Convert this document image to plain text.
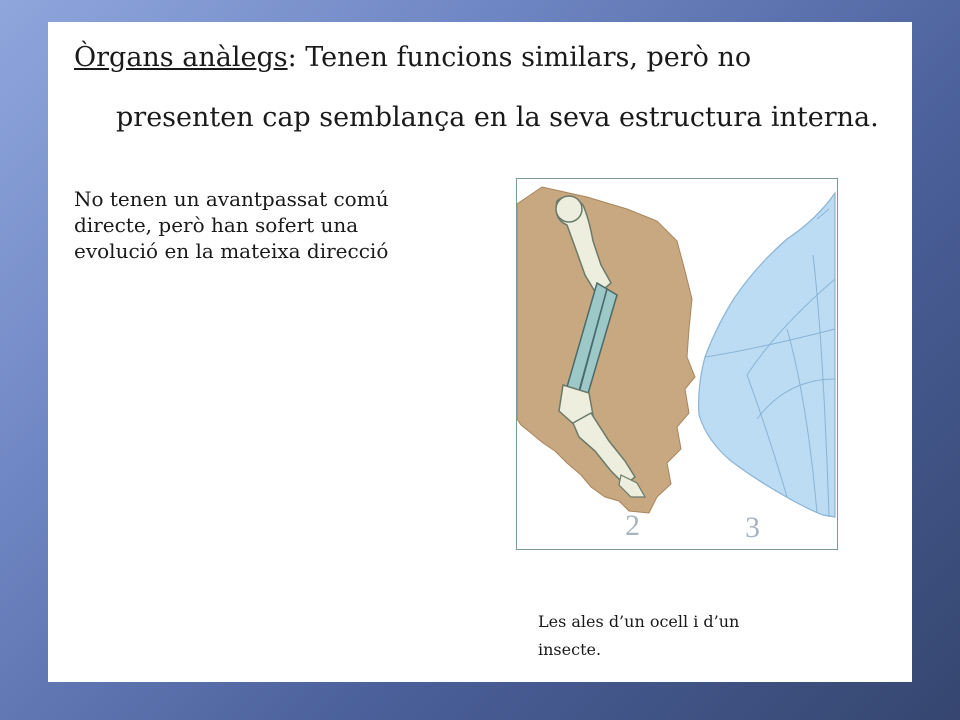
Òrgans anàlegs: Tenen funcions similars, però no
presenten cap semblança en la seva estructura interna.
No tenen un avantpassat comú directe, però han sofert una evolució en la mateixa direcció
2	3
Les ales d’un ocell i d’un insecte.
